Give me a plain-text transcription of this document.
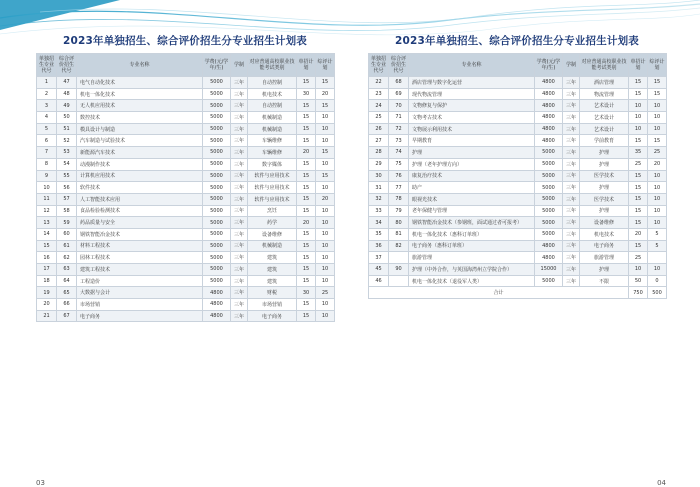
2023年单独招生、综合评价招生分专业招生计划表
单独招生专业代号	综合评价招生代号	专业名称	学费(元/学年/生)	学制	对应普通高校职业技能考试类别	单招计划	综评计划
1	47	电气自动化技术	5000	三年	自动控制	15	15
2	48	机电一体化技术	5000	三年	机电技术	30	20
3	49	无人机应用技术	5000	三年	自动控制	15	15
4	50	数控技术	5000	三年	机械制造	15	10
5	51	模具设计与制造	5000	三年	机械制造	15	10
6	52	汽车制造与试验技术	5000	三年	车辆维修	15	10
7	53	新能源汽车技术	5000	三年	车辆维修	20	15
8	54	动漫制作技术	5000	三年	数字媒体	15	10
9	55	计算机应用技术	5000	三年	软件与应用技术	15	15
10	56	软件技术	5000	三年	软件与应用技术	15	10
11	57	人工智能技术应用	5000	三年	软件与应用技术	15	20
12	58	食品检验检测技术	5000	三年	烹饪	15	10
13	59	药品质量与安全	5000	三年	药学	20	10
14	60	钢铁智能冶金技术	5000	三年	设备维修	15	10
15	61	材料工程技术	5000	三年	机械制造	15	10
16	62	园林工程技术	5000	三年	建筑	15	10
17	63	建筑工程技术	5000	三年	建筑	15	10
18	64	工程造价	5000	三年	建筑	15	10
19	65	大数据与会计	4800	三年	财税	30	25
20	66	市场营销	4800	三年	市场营销	15	10
21	67	电子商务	4800	三年	电子商务	15	10
03
2023年单独招生、综合评价招生分专业招生计划表
单独招生专业代号	综合评价招生代号	专业名称	学费(元/学年/生)	学制	对应普通高校职业技能考试类别	单招计划	综评计划
22	68	酒店管理与数字化运营	4800	三年	酒店管理	15	15
23	69	现代物流管理	4800	三年	物流管理	15	15
24	70	文物修复与保护	4800	三年	艺术设计	10	10
25	71	文物考古技术	4800	三年	艺术设计	10	10
26	72	文物展示利用技术	4800	三年	艺术设计	10	10
27	73	早期教育	4800	三年	学前教育	15	15
28	74	护理	5000	三年	护理	35	25
29	75	护理（老年护理方向）	5000	三年	护理	25	20
30	76	康复治疗技术	5000	三年	医学技术	15	10
31	77	助产	5000	三年	护理	15	10
32	78	眼视光技术	5000	三年	医学技术	15	10
33	79	老年保健与管理	5000	三年	护理	15	10
34	80	钢铁智能冶金技术（参钢班，面试通过者可报考）	5000	三年	设备维修	15	10
35	81	机电一体化技术（惠科订单班）	5000	三年	机电技术	20	5
36	82	电子商务（惠科订单班）	4800	三年	电子商务	15	5
37		旅游管理	4800	三年	旅游管理	25	
45	90	护理（中外合作，与英国海湾州立学院合作）	15000	三年	护理	10	10
46		机电一体化技术（退役军人类）	5000	三年	不限	50	0
合计						750	500
04
